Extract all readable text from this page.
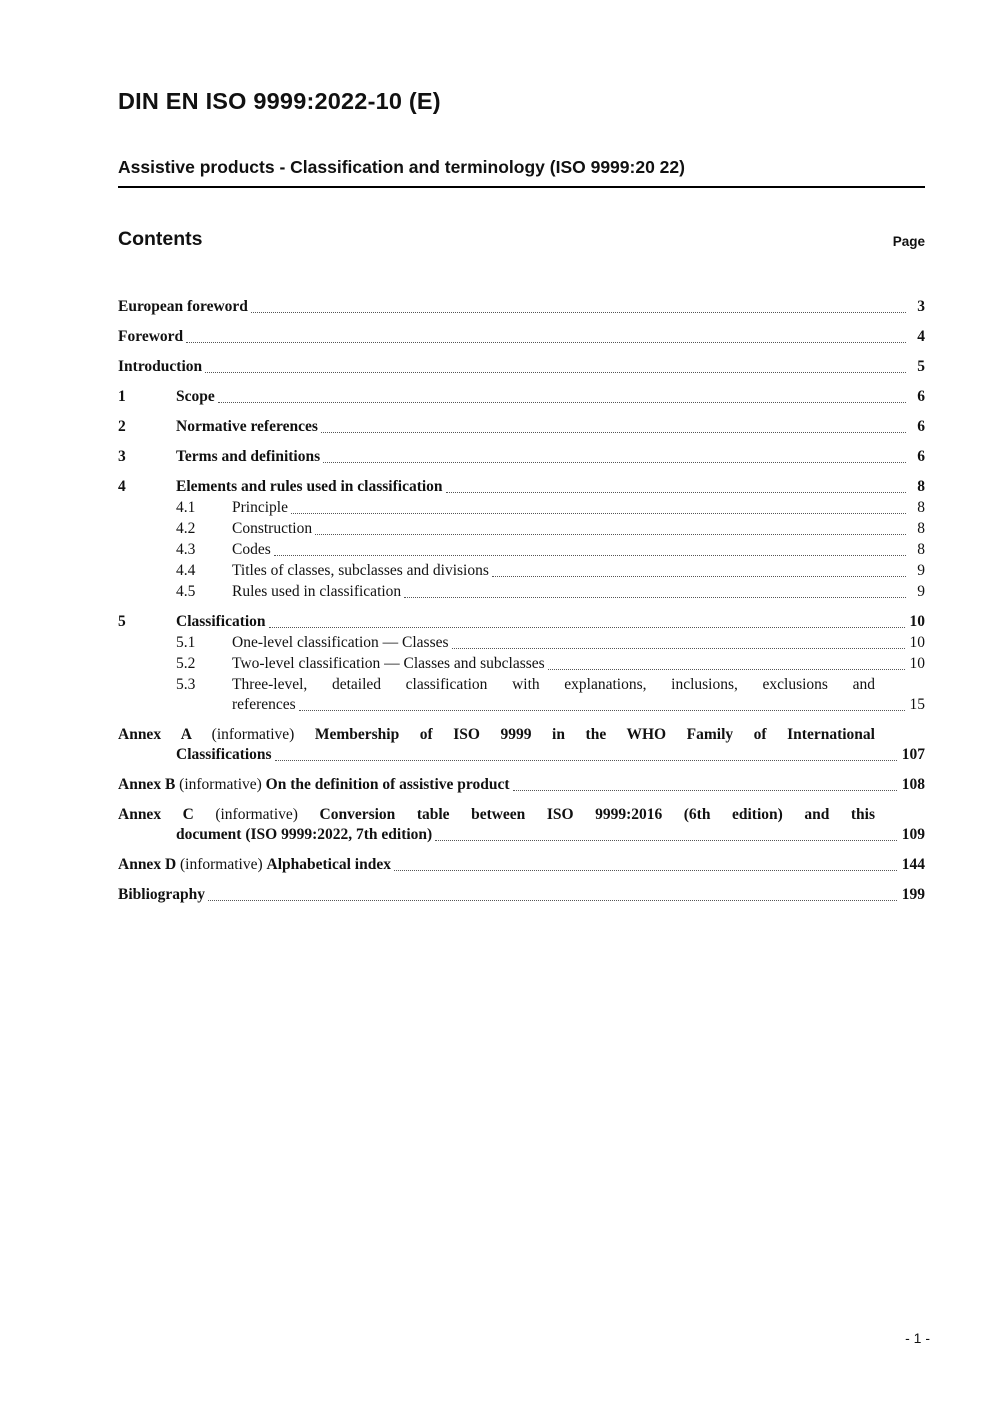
DIN EN ISO 9999:2022-10 (E)
Assistive products - Classification and terminology (ISO 9999:20 22)
Contents	Page
European foreword	3
Foreword	4
Introduction	5
1	Scope	6
2	Normative references	6
3	Terms and definitions	6
4	Elements and rules used in classification	8
4.1	Principle	8
4.2	Construction	8
4.3	Codes	8
4.4	Titles of classes, subclasses and divisions	9
4.5	Rules used in classification	9
5	Classification	10
5.1	One-level classification — Classes	10
5.2	Two-level classification — Classes and subclasses	10
5.3	Three-level, detailed classification with explanations, inclusions, exclusions and
references	15
Annex A (informative) Membership of ISO 9999 in the WHO Family of International
Classifications	107
Annex B (informative) On the definition of assistive product	108
Annex C (informative) Conversion table between ISO 9999:2016 (6th edition) and this
document (ISO 9999:2022, 7th edition)	109
Annex D (informative) Alphabetical index	144
Bibliography	199
- 1 -
